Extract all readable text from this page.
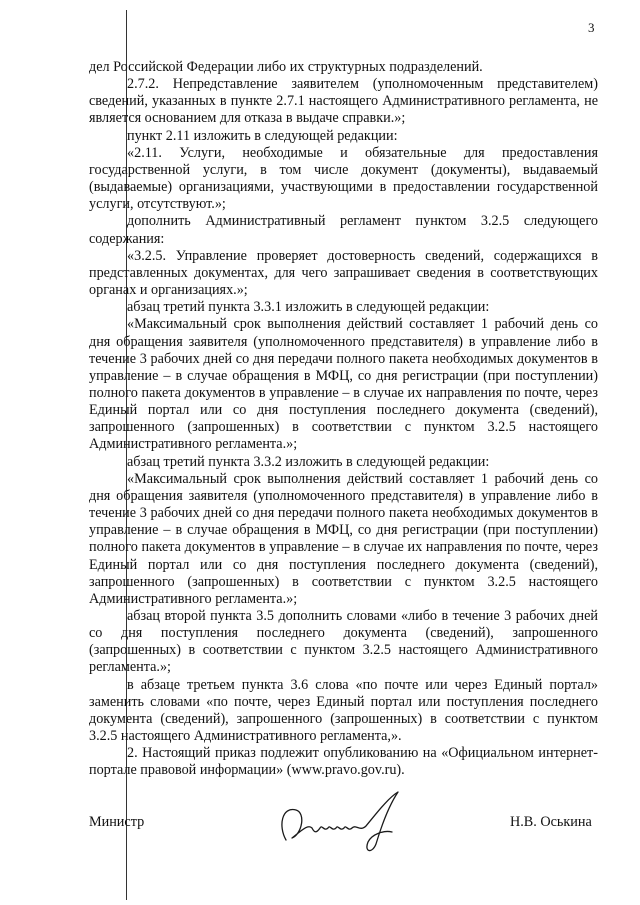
3

дел Российской Федерации либо их структурных подразделений.

2.7.2. Непредставление заявителем (уполномоченным представителем) сведений, указанных в пункте 2.7.1 настоящего Административного регламента, не является основанием для отказа в выдаче справки.»;

пункт 2.11 изложить в следующей редакции:

«2.11. Услуги, необходимые и обязательные для предоставления государственной услуги, в том числе документ (документы), выдаваемый (выдаваемые) организациями, участвующими в предоставлении государственной услуги, отсутствуют.»;

дополнить Административный регламент пунктом 3.2.5 следующего содержания:

«3.2.5. Управление проверяет достоверность сведений, содержащихся в представленных документах, для чего запрашивает сведения в соответствующих органах и организациях.»;

абзац третий пункта 3.3.1 изложить в следующей редакции:

«Максимальный срок выполнения действий составляет 1 рабочий день со дня обращения заявителя (уполномоченного представителя) в управление либо в течение 3 рабочих дней со дня передачи полного пакета необходимых документов в управление – в случае обращения в МФЦ, со дня регистрации (при поступлении) полного пакета документов в управление – в случае их направления по почте, через Единый портал или со дня поступления последнего документа (сведений), запрошенного (запрошенных) в соответствии с пунктом 3.2.5 настоящего Административного регламента.»;

абзац третий пункта 3.3.2 изложить в следующей редакции:

«Максимальный срок выполнения действий составляет 1 рабочий день со дня обращения заявителя (уполномоченного представителя) в управление либо в течение 3 рабочих дней со дня передачи полного пакета необходимых документов в управление – в случае обращения в МФЦ, со дня регистрации (при поступлении) полного пакета документов в управление – в случае их направления по почте, через Единый портал или со дня поступления последнего документа (сведений), запрошенного (запрошенных) в соответствии с пунктом 3.2.5 настоящего Административного регламента.»;

абзац второй пункта 3.5 дополнить словами «либо в течение 3 рабочих дней со дня поступления последнего документа (сведений), запрошенного (запрошенных) в соответствии с пунктом 3.2.5 настоящего Административного регламента.»;

в абзаце третьем пункта 3.6 слова «по почте или через Единый портал» заменить словами «по почте, через Единый портал или поступления последнего документа (сведений), запрошенного (запрошенных) в соответствии с пунктом 3.2.5 настоящего Административного регламента,».

2. Настоящий приказ подлежит опубликованию на «Официальном интернет-портале правовой информации» (www.pravo.gov.ru).

Министр	Н.В. Оськина
